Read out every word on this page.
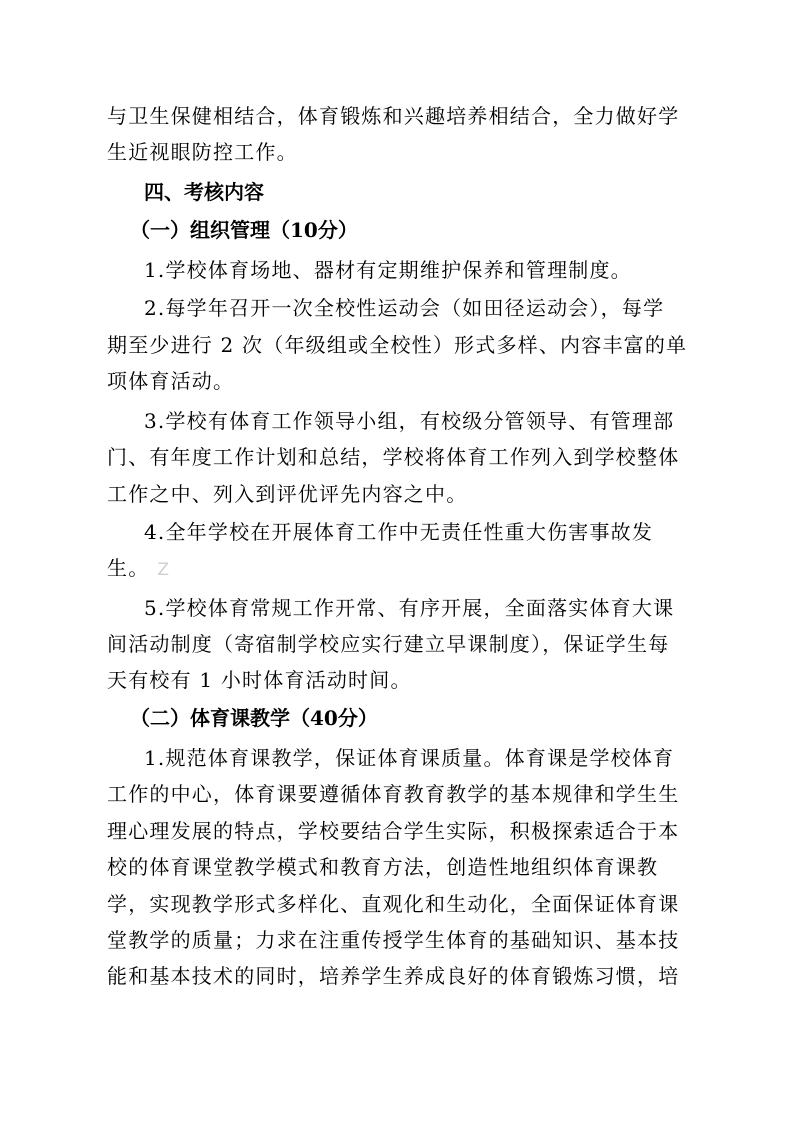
与卫生保健相结合，体育锻炼和兴趣培养相结合，全力做好学
生近视眼防控工作。
四、考核内容
（一）组织管理（10分）
1.学校体育场地、器材有定期维护保养和管理制度。
2.每学年召开一次全校性运动会（如田径运动会），每学
期至少进行 2 次（年级组或全校性）形式多样、内容丰富的单
项体育活动。
3.学校有体育工作领导小组，有校级分管领导、有管理部
门、有年度工作计划和总结，学校将体育工作列入到学校整体
工作之中、列入到评优评先内容之中。
4.全年学校在开展体育工作中无责任性重大伤害事故发
生。 Z
5.学校体育常规工作开常、有序开展，全面落实体育大课
间活动制度（寄宿制学校应实行建立早课制度），保证学生每
天有校有 1 小时体育活动时间。
（二）体育课教学（40分）
1.规范体育课教学，保证体育课质量。体育课是学校体育
工作的中心，体育课要遵循体育教育教学的基本规律和学生生
理心理发展的特点，学校要结合学生实际，积极探索适合于本
校的体育课堂教学模式和教育方法，创造性地组织体育课教
学，实现教学形式多样化、直观化和生动化，全面保证体育课
堂教学的质量；力求在注重传授学生体育的基础知识、基本技
能和基本技术的同时，培养学生养成良好的体育锻炼习惯，培
